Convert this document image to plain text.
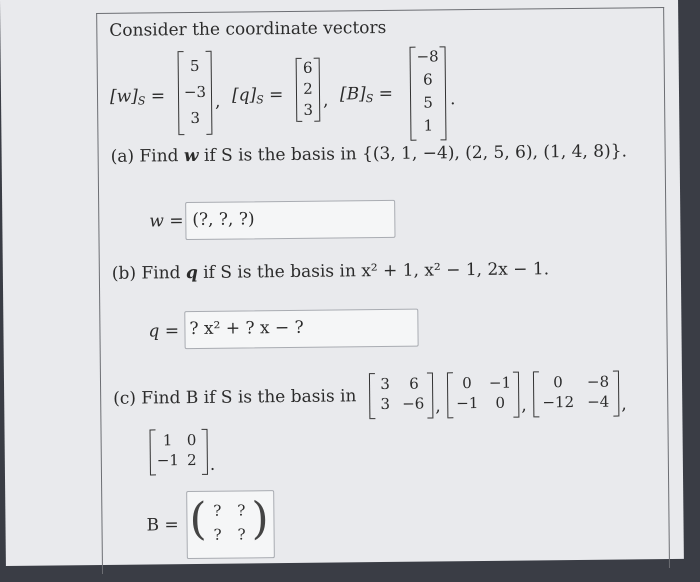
Consider the coordinate vectors
$[w]_S$ =
5
−3
3
, $[q]_S$ =
6
2
3 , $[B]_S$ =
−8
6
5
1
.
(a) Find w if S is the basis in {(3, 1, −4), (2, 5, 6), (1, 4, 8)}.
w = (?, ?, ?)
(b) Find q if S is the basis in x² + 1, x² − 1, 2x − 1.
q = ? x² + ? x − ?
(c) Find B if S is the basis in
3	6
3 −6 ,
0	−1
−1	0 ,
0	−8
−12 −4 ,
1 0
−1 2 .
B = ( ? ?
? ? )
